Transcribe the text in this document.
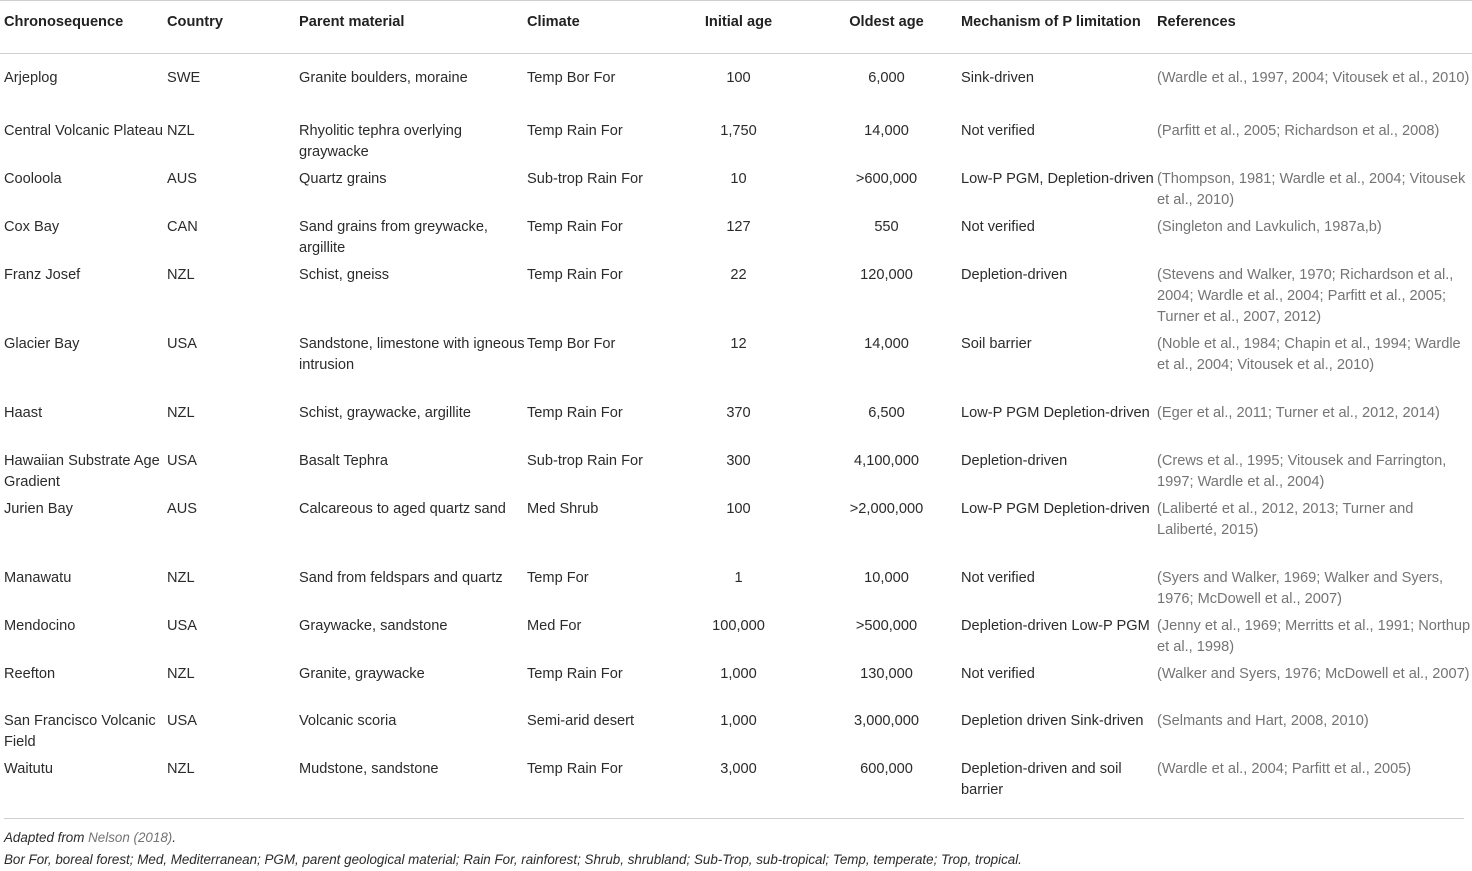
Chronosequence	Country	Parent material	Climate	Initial age	Oldest age	Mechanism of P limitation	References
Arjeplog	SWE	Granite boulders, moraine	Temp Bor For	100	6,000	Sink-driven	(Wardle et al., 1997, 2004; Vitousek et al., 2010)
Central Volcanic Plateau	NZL	Rhyolitic tephra overlying graywacke	Temp Rain For	1,750	14,000	Not verified	(Parfitt et al., 2005; Richardson et al., 2008)
Cooloola	AUS	Quartz grains	Sub-trop Rain For	10	>600,000	Low-P PGM, Depletion-driven	(Thompson, 1981; Wardle et al., 2004; Vitousek et al., 2010)
Cox Bay	CAN	Sand grains from greywacke, argillite	Temp Rain For	127	550	Not verified	(Singleton and Lavkulich, 1987a,b)
Franz Josef	NZL	Schist, gneiss	Temp Rain For	22	120,000	Depletion-driven	(Stevens and Walker, 1970; Richardson et al., 2004; Wardle et al., 2004; Parfitt et al., 2005; Turner et al., 2007, 2012)
Glacier Bay	USA	Sandstone, limestone with igneous intrusion	Temp Bor For	12	14,000	Soil barrier	(Noble et al., 1984; Chapin et al., 1994; Wardle et al., 2004; Vitousek et al., 2010)
Haast	NZL	Schist, graywacke, argillite	Temp Rain For	370	6,500	Low-P PGM Depletion-driven	(Eger et al., 2011; Turner et al., 2012, 2014)
Hawaiian Substrate Age Gradient	USA	Basalt Tephra	Sub-trop Rain For	300	4,100,000	Depletion-driven	(Crews et al., 1995; Vitousek and Farrington, 1997; Wardle et al., 2004)
Jurien Bay	AUS	Calcareous to aged quartz sand	Med Shrub	100	>2,000,000	Low-P PGM Depletion-driven	(Laliberté et al., 2012, 2013; Turner and Laliberté, 2015)
Manawatu	NZL	Sand from feldspars and quartz	Temp For	1	10,000	Not verified	(Syers and Walker, 1969; Walker and Syers, 1976; McDowell et al., 2007)
Mendocino	USA	Graywacke, sandstone	Med For	100,000	>500,000	Depletion-driven Low-P PGM	(Jenny et al., 1969; Merritts et al., 1991; Northup et al., 1998)
Reefton	NZL	Granite, graywacke	Temp Rain For	1,000	130,000	Not verified	(Walker and Syers, 1976; McDowell et al., 2007)
San Francisco Volcanic Field	USA	Volcanic scoria	Semi-arid desert	1,000	3,000,000	Depletion driven Sink-driven	(Selmants and Hart, 2008, 2010)
Waitutu	NZL	Mudstone, sandstone	Temp Rain For	3,000	600,000	Depletion-driven and soil barrier	(Wardle et al., 2004; Parfitt et al., 2005)
Adapted from Nelson (2018).
Bor For, boreal forest; Med, Mediterranean; PGM, parent geological material; Rain For, rainforest; Shrub, shrubland; Sub-Trop, sub-tropical; Temp, temperate; Trop, tropical.
